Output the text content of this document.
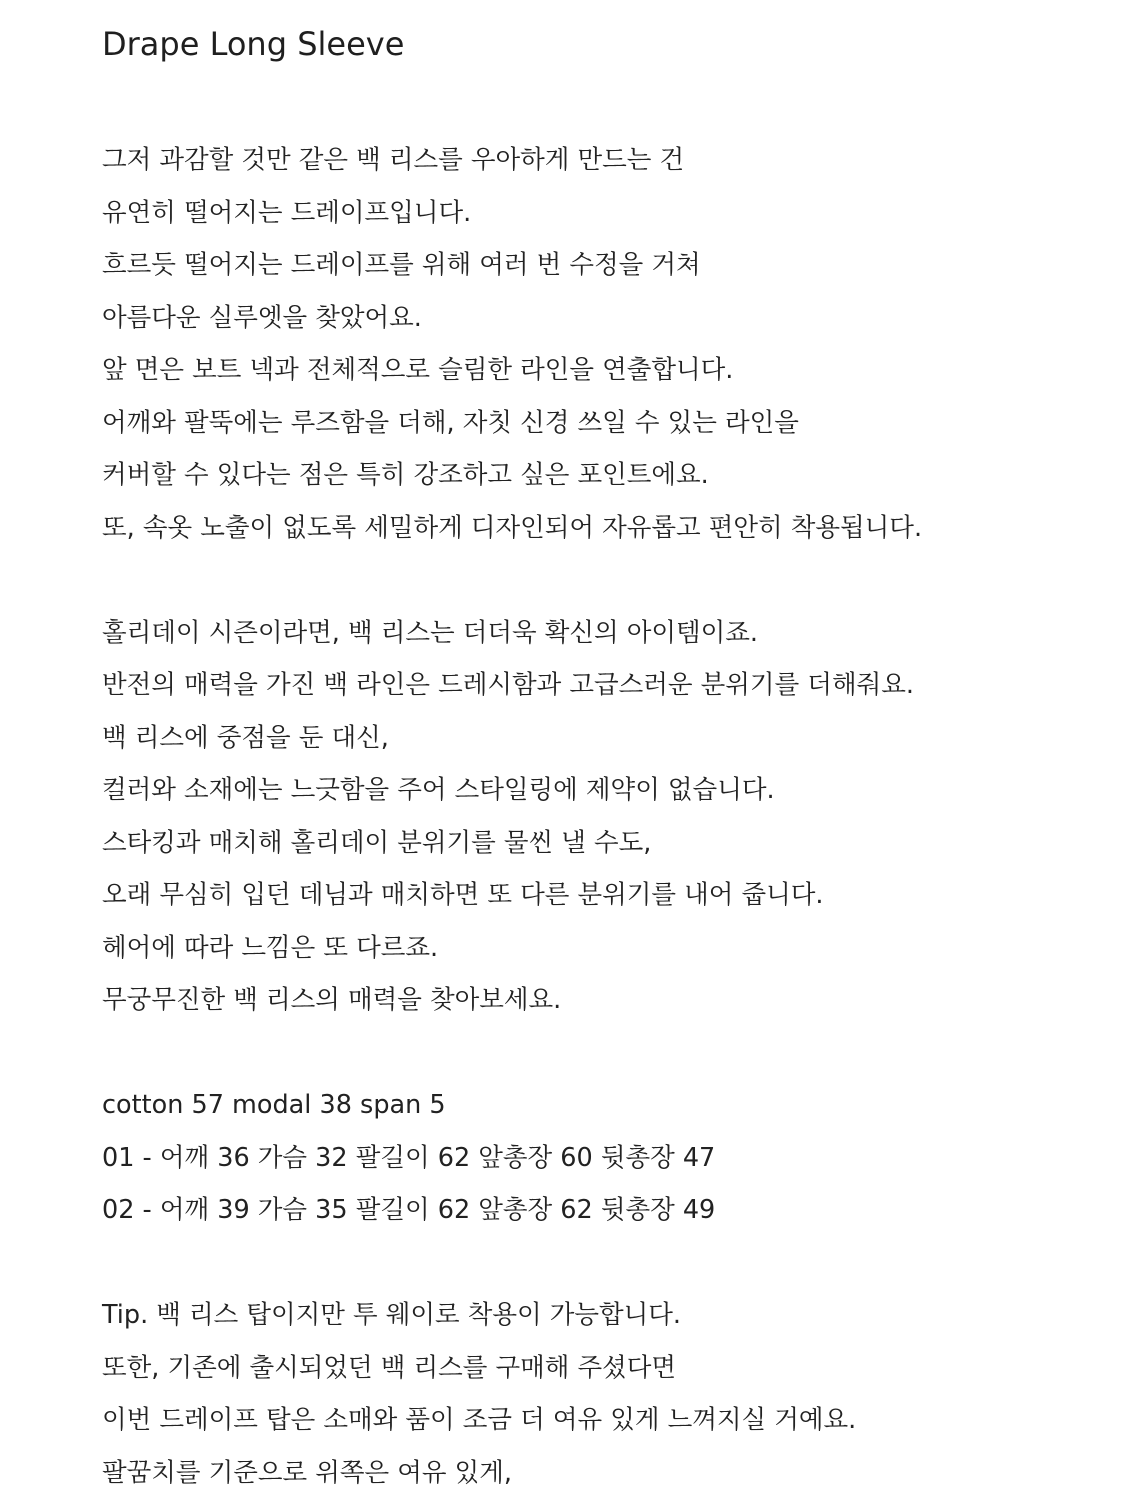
Drape Long Sleeve
그저 과감할 것만 같은 백 리스를 우아하게 만드는 건
유연히 떨어지는 드레이프입니다.
흐르듯 떨어지는 드레이프를 위해 여러 번 수정을 거쳐
아름다운 실루엣을 찾았어요.
앞 면은 보트 넥과 전체적으로 슬림한 라인을 연출합니다.
어깨와 팔뚝에는 루즈함을 더해, 자칫 신경 쓰일 수 있는 라인을
커버할 수 있다는 점은 특히 강조하고 싶은 포인트에요.
또, 속옷 노출이 없도록 세밀하게 디자인되어 자유롭고 편안히 착용됩니다.
홀리데이 시즌이라면, 백 리스는 더더욱 확신의 아이템이죠.
반전의 매력을 가진 백 라인은 드레시함과 고급스러운 분위기를 더해줘요.
백 리스에 중점을 둔 대신,
컬러와 소재에는 느긋함을 주어 스타일링에 제약이 없습니다.
스타킹과 매치해 홀리데이 분위기를 물씬 낼 수도,
오래 무심히 입던 데님과 매치하면 또 다른 분위기를 내어 줍니다.
헤어에 따라 느낌은 또 다르죠.
무궁무진한 백 리스의 매력을 찾아보세요.
cotton 57 modal 38 span 5
01 - 어깨 36 가슴 32 팔길이 62 앞총장 60 뒷총장 47
02 - 어깨 39 가슴 35 팔길이 62 앞총장 62 뒷총장 49
Tip. 백 리스 탑이지만 투 웨이로 착용이 가능합니다.
또한, 기존에 출시되었던 백 리스를 구매해 주셨다면
이번 드레이프 탑은 소매와 품이 조금 더 여유 있게 느껴지실 거예요.
팔꿈치를 기준으로 위쪽은 여유 있게,
